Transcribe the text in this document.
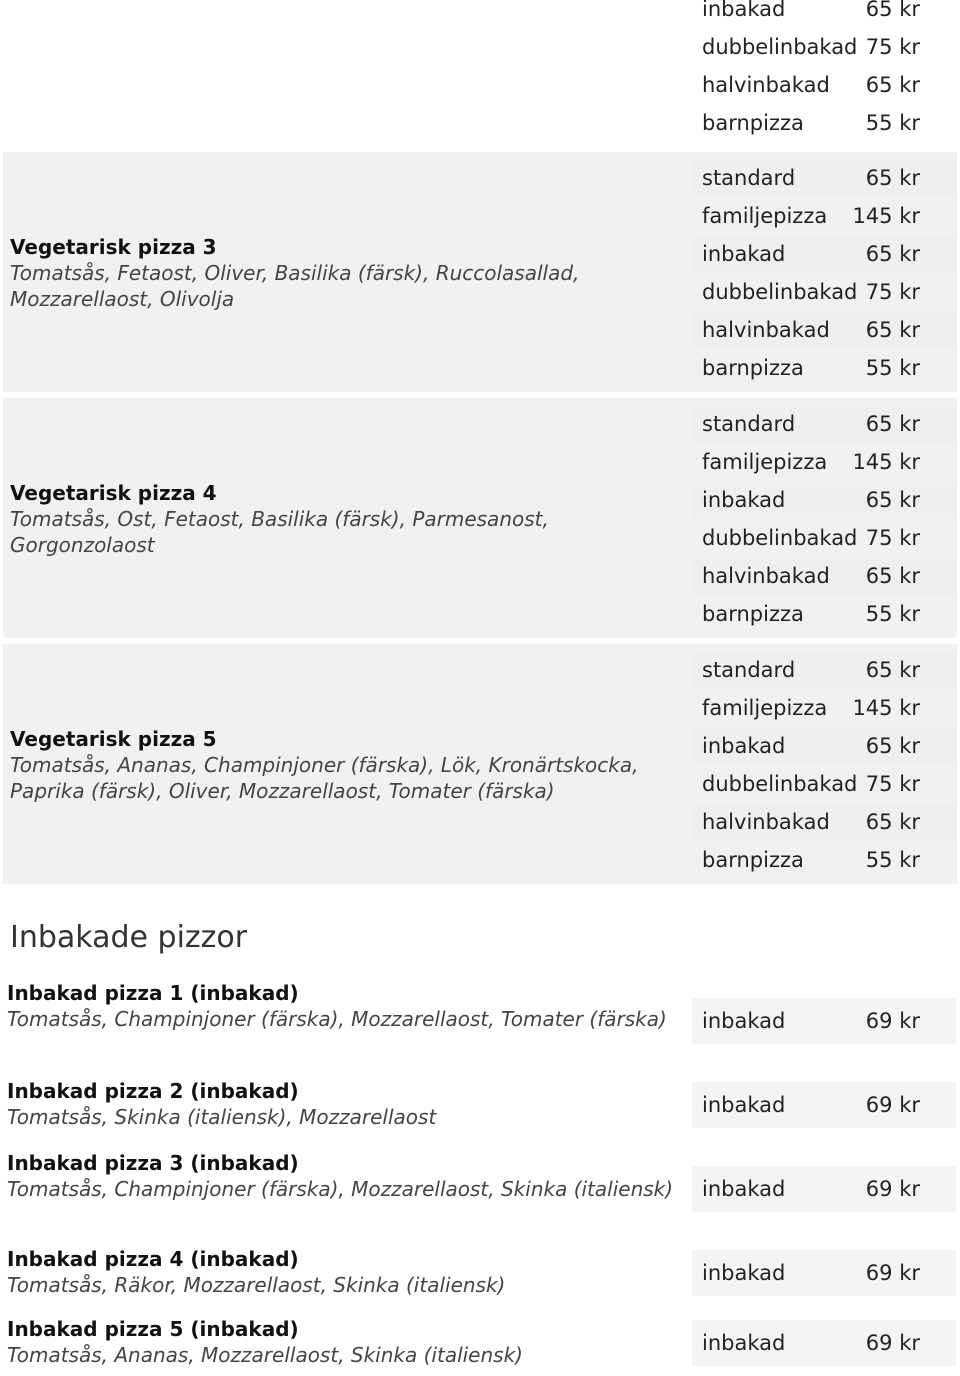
inbakad	65 kr
dubbelinbakad 75 kr
halvinbakad 65 kr
barnpizza	55 kr
Vegetarisk pizza 3
Tomatsås, Fetaost, Oliver, Basilika (färsk), Ruccolasallad, Mozzarellaost, Olivolja
standard	65 kr
familjepizza 145 kr
inbakad	65 kr
dubbelinbakad 75 kr
halvinbakad 65 kr
barnpizza	55 kr
Vegetarisk pizza 4
Tomatsås, Ost, Fetaost, Basilika (färsk), Parmesanost, Gorgonzolaost
standard	65 kr
familjepizza 145 kr
inbakad	65 kr
dubbelinbakad 75 kr
halvinbakad 65 kr
barnpizza	55 kr
Vegetarisk pizza 5
Tomatsås, Ananas, Champinjoner (färska), Lök, Kronärtskocka, Paprika (färsk), Oliver, Mozzarellaost, Tomater (färska)
standard	65 kr
familjepizza 145 kr
inbakad	65 kr
dubbelinbakad 75 kr
halvinbakad 65 kr
barnpizza	55 kr
Inbakade pizzor
Inbakad pizza 1 (inbakad)
Tomatsås, Champinjoner (färska), Mozzarellaost, Tomater (färska)	inbakad	69 kr
Inbakad pizza 2 (inbakad)
Tomatsås, Skinka (italiensk), Mozzarellaost	inbakad	69 kr
Inbakad pizza 3 (inbakad)
Tomatsås, Champinjoner (färska), Mozzarellaost, Skinka (italiensk)	inbakad	69 kr
Inbakad pizza 4 (inbakad)
Tomatsås, Räkor, Mozzarellaost, Skinka (italiensk)	inbakad	69 kr
Inbakad pizza 5 (inbakad)
Tomatsås, Ananas, Mozzarellaost, Skinka (italiensk)	inbakad	69 kr
